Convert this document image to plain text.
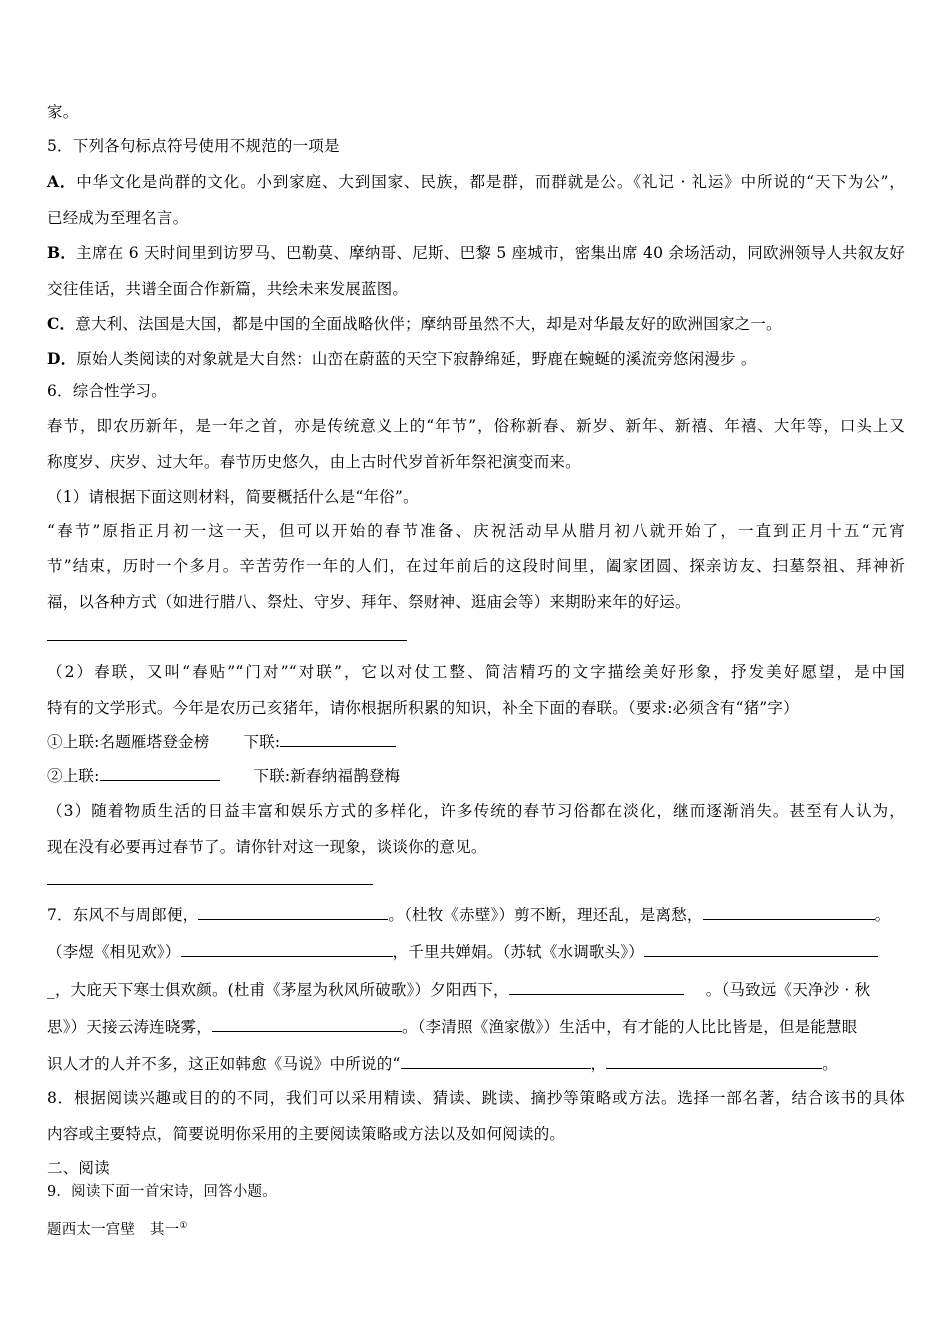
家。
5．下列各句标点符号使用不规范的一项是
A．中华文化是尚群的文化。小到家庭、大到国家、民族，都是群，而群就是公。《礼记 · 礼运》中所说的“天下为公”，
已经成为至理名言。
B．主席在 6 天时间里到访罗马、巴勒莫、摩纳哥、尼斯、巴黎 5 座城市，密集出席 40 余场活动，同欧洲领导人共叙友好
交往佳话，共谱全面合作新篇，共绘未来发展蓝图。
C．意大利、法国是大国，都是中国的全面战略伙伴；摩纳哥虽然不大，却是对华最友好的欧洲国家之一。
D．原始人类阅读的对象就是大自然：山峦在蔚蓝的天空下寂静绵延，野鹿在蜿蜒的溪流旁悠闲漫步 。
6．综合性学习。
春节，即农历新年，是一年之首，亦是传统意义上的“年节”，俗称新春、新岁、新年、新禧、年禧、大年等，口头上又
称度岁、庆岁、过大年。春节历史悠久，由上古时代岁首祈年祭祀演变而来。
（1）请根据下面这则材料，简要概括什么是“年俗”。
“春节”原指正月初一这一天，但可以开始的春节准备、庆祝活动早从腊月初八就开始了，一直到正月十五“元宵
节”结束，历时一个多月。辛苦劳作一年的人们，在过年前后的这段时间里，阖家团圆、探亲访友、扫墓祭祖、拜神祈
福，以各种方式（如进行腊八、祭灶、守岁、拜年、祭财神、逛庙会等）来期盼来年的好运。
（2）春联，又叫“春贴”“门对”“对联”，它以对仗工整、简洁精巧的文字描绘美好形象，抒发美好愿望，是中国
特有的文学形式。今年是农历己亥猪年，请你根据所积累的知识，补全下面的春联。（要求:必须含有“猪”字）
①上联:名题雁塔登金榜 下联:
②上联:	下联:新春纳福鹊登梅
（3）随着物质生活的日益丰富和娱乐方式的多样化，许多传统的春节习俗都在淡化，继而逐渐消失。甚至有人认为，
现在没有必要再过春节了。请你针对这一现象，谈谈你的意见。
7．东风不与周郎便，	。（杜牧《赤壁》）剪不断，理还乱，是离愁，	。
（李煜《相见欢》）	，千里共婵娟。（苏轼《水调歌头》）
_，大庇天下寒士俱欢颜。(杜甫《茅屋为秋风所破歌》）夕阳西下，	。（马致远《天净沙 · 秋
思》）天接云涛连晓雾，	。（李清照《渔家傲》）生活中，有才能的人比比皆是，但是能慧眼
识人才的人并不多，这正如韩愈《马说》中所说的“	，	。
8．根据阅读兴趣或目的的不同，我们可以采用精读、猜读、跳读、摘抄等策略或方法。选择一部名著，结合该书的具体
内容或主要特点，简要说明你采用的主要阅读策略或方法以及如何阅读的。
二、阅读
9．阅读下面一首宋诗，回答小题。
题西太一宫壁　其一①
